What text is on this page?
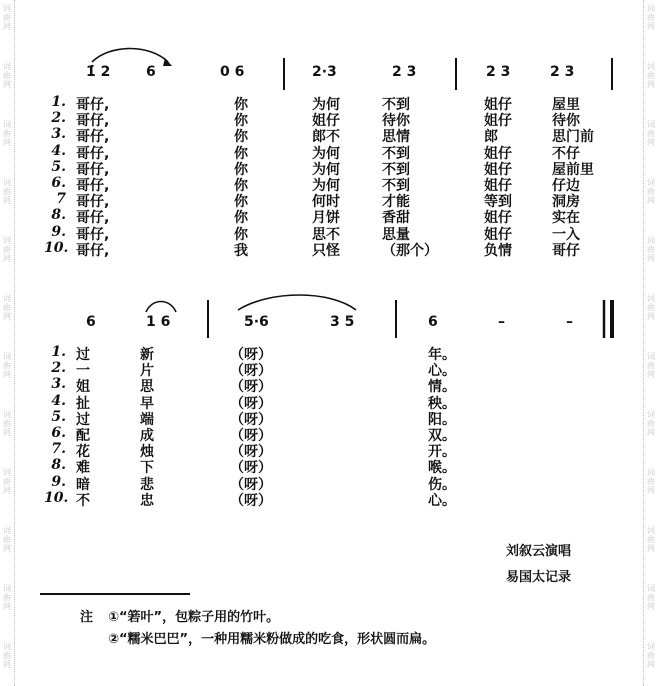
词
曲
网
词
曲
网
词
曲
网
词
曲
网
词
曲
网
词
曲
网
词
曲
网
词
曲
网
词
曲
网
词
曲
网
词
曲
网
词
曲
网
词
曲
网
词
曲
网
词
曲
网
词
曲
网
词
曲
网
词
曲
网
词
曲
网
词
曲
网
词
曲
网
词
曲
网
词
曲
网
词
曲
网
1̇ 2	6	0 6	2·3	2 3	2 3	2 3
1. 哥仔,	你	为何	不到	姐仔	屋 里
2. 哥仔,	你	姐仔	待你	姐仔	待 你
3. 哥仔,	你	郎不	思情	郎	思 门前
4. 哥仔,	你	为何	不到	姐仔	不 仔
5. 哥仔,	你	为何	不到	姐仔	屋 前里
6. 哥仔,	你	为何	不到	姐仔	仔 边
7 哥仔,	你	何时	才能	等到	洞 房
8. 哥仔,	你	月饼	香甜	姐仔	实 在
9. 哥仔,	你	思不	思量	姐仔	一 入
10. 哥仔,	我	只怪	（那个）	负情	哥 仔
6	1 6	5·6	3 5	6	–	–
1. 过	新	（呀）	年。
2. 一	片	（呀）	心。
3. 姐	思	（呀）	情。
4. 扯	早	（呀）	秧。
5. 过	端	（呀）	阳。
6. 配	成	（呀）	双。
7. 花	烛	（呀）	开。
8. 难	下	（呀）	喉。
9. 暗	悲	（呀）	伤。
10. 不	忠	（呀）	心。
刘叙云演唱
易国太记录
注 ①“箬叶”，包粽子用的竹叶。
②“糯米巴巴”，一种用糯米粉做成的吃食，形状圆而扁。
